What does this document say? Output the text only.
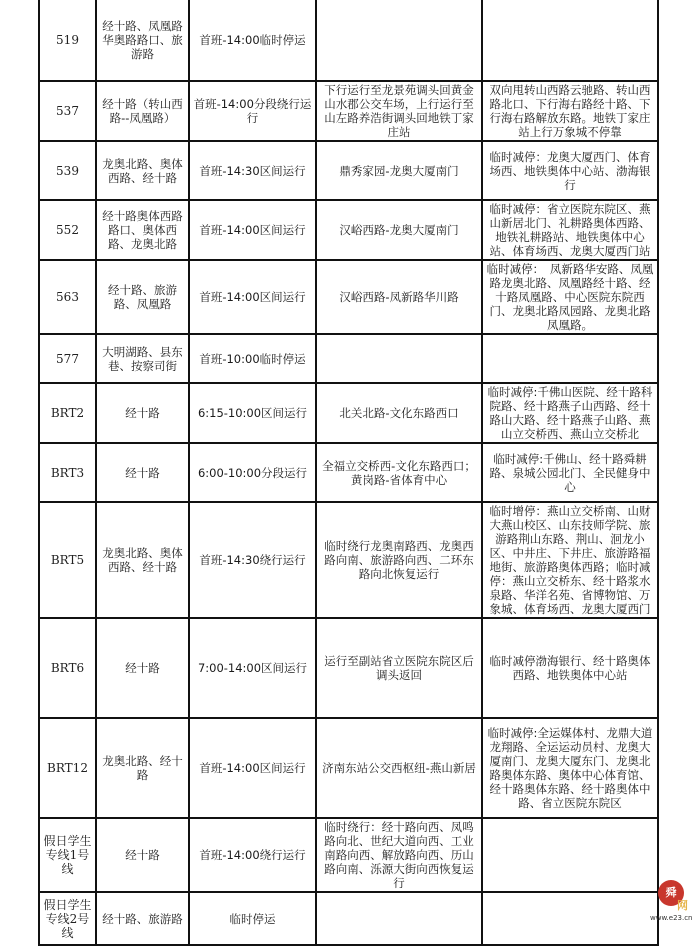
519	经十路、凤凰路华奥路路口、旅游路	首班-14:00临时停运		
537	经十路（转山西路--凤凰路）	首班-14:00分段绕行运行	下行运行至龙景苑调头回黄金山水郡公交车场，上行运行至山左路养浩街调头回地铁丁家庄站	双向甩转山西路云驰路、转山西路北口、下行海右路经十路、下行海右路解放东路。地铁丁家庄站上行万象城不停靠
539	龙奥北路、奥体西路、经十路	首班-14:30区间运行	鼎秀家园-龙奥大厦南门	临时减停：龙奥大厦西门、体育场西、地铁奥体中心站、渤海银行
552	经十路奥体西路路口、奥体西路、龙奥北路	首班-14:00区间运行	汉峪西路-龙奥大厦南门	临时减停：省立医院东院区、燕山新居北门、礼耕路奥体西路、地铁礼耕路站、地铁奥体中心站、体育场西、龙奥大厦西门站
563	经十路、旅游路、凤凰路	首班-14:00区间运行	汉峪西路-凤新路华川路	临时减停：　凤新路华安路、凤凰路龙奥北路、凤凰路经十路、经十路凤凰路、中心医院东院西门、龙奥北路凤园路、龙奥北路凤凰路。
577	大明湖路、县东巷、按察司街	首班-10:00临时停运		
BRT2	经十路	6:15-10:00区间运行	北关北路-文化东路西口	临时减停:千佛山医院、经十路科院路、经十路燕子山西路、经十路山大路、经十路燕子山路、燕山立交桥西、燕山立交桥北
BRT3	经十路	6:00-10:00分段运行	全福立交桥西-文化东路西口；黄岗路-省体育中心	临时减停:千佛山、经十路舜耕路、泉城公园北门、全民健身中心
BRT5	龙奥北路、奥体西路、经十路	首班-14:30绕行运行	临时绕行龙奥南路西、龙奥西路向南、旅游路向西、二环东路向北恢复运行	临时增停：燕山立交桥南、山财大燕山校区、山东技师学院、旅游路荆山东路、荆山、洄龙小区、中井庄、下井庄、旅游路福地街、旅游路奥体西路；临时减停：燕山立交桥东、经十路浆水泉路、华洋名苑、省博物馆、万象城、体育场西、龙奥大厦西门
BRT6	经十路	7:00-14:00区间运行	运行至副站省立医院东院区后调头返回	临时减停渤海银行、经十路奥体西路、地铁奥体中心站
BRT12	龙奥北路、经十路	首班-14:00区间运行	济南东站公交西枢纽-燕山新居	临时减停:全运媒体村、龙鼎大道龙翔路、全运运动员村、龙奥大厦南门、龙奥大厦东门、龙奥北路奥体东路、奥体中心体育馆、经十路奥体东路、经十路奥体中路、省立医院东院区
假日学生专线1号线	经十路	首班-14:00绕行运行	临时绕行：经十路向西、凤鸣路向北、世纪大道向西、工业南路向西、解放路向西、历山路向南、泺源大街向西恢复运行	
假日学生专线2号线	经十路、旅游路	临时停运		
舜
网
www.e23.cn
